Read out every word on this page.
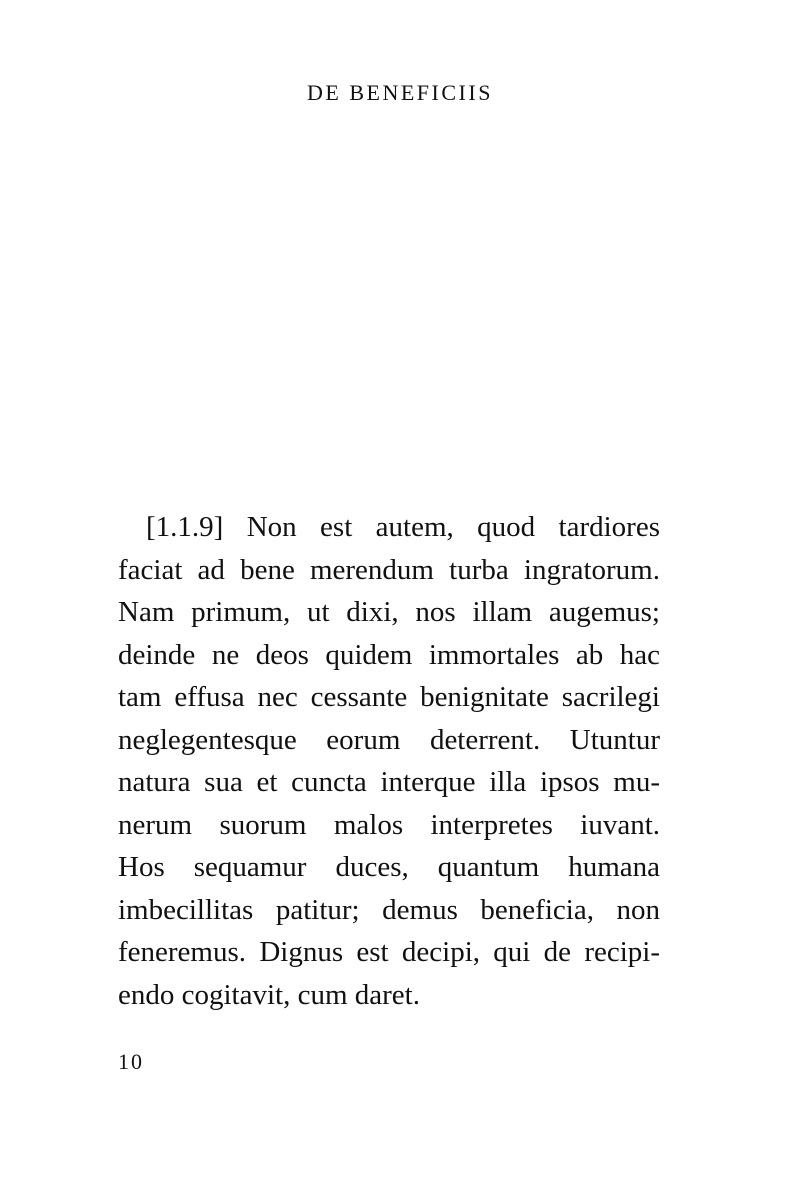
DE BENEFICIIS

[1.1.9] Non est autem, quod tardiores
faciat ad bene merendum turba ingratorum.
Nam primum, ut dixi, nos illam augemus;
deinde ne deos quidem immortales ab hac
tam effusa nec cessante benignitate sacrilegi
neglegentesque eorum deterrent. Utuntur
natura sua et cuncta interque illa ipsos mu-
nerum suorum malos interpretes iuvant.
Hos sequamur duces, quantum humana
imbecillitas patitur; demus beneficia, non
feneremus. Dignus est decipi, qui de recipi-
endo cogitavit, cum daret.

10
